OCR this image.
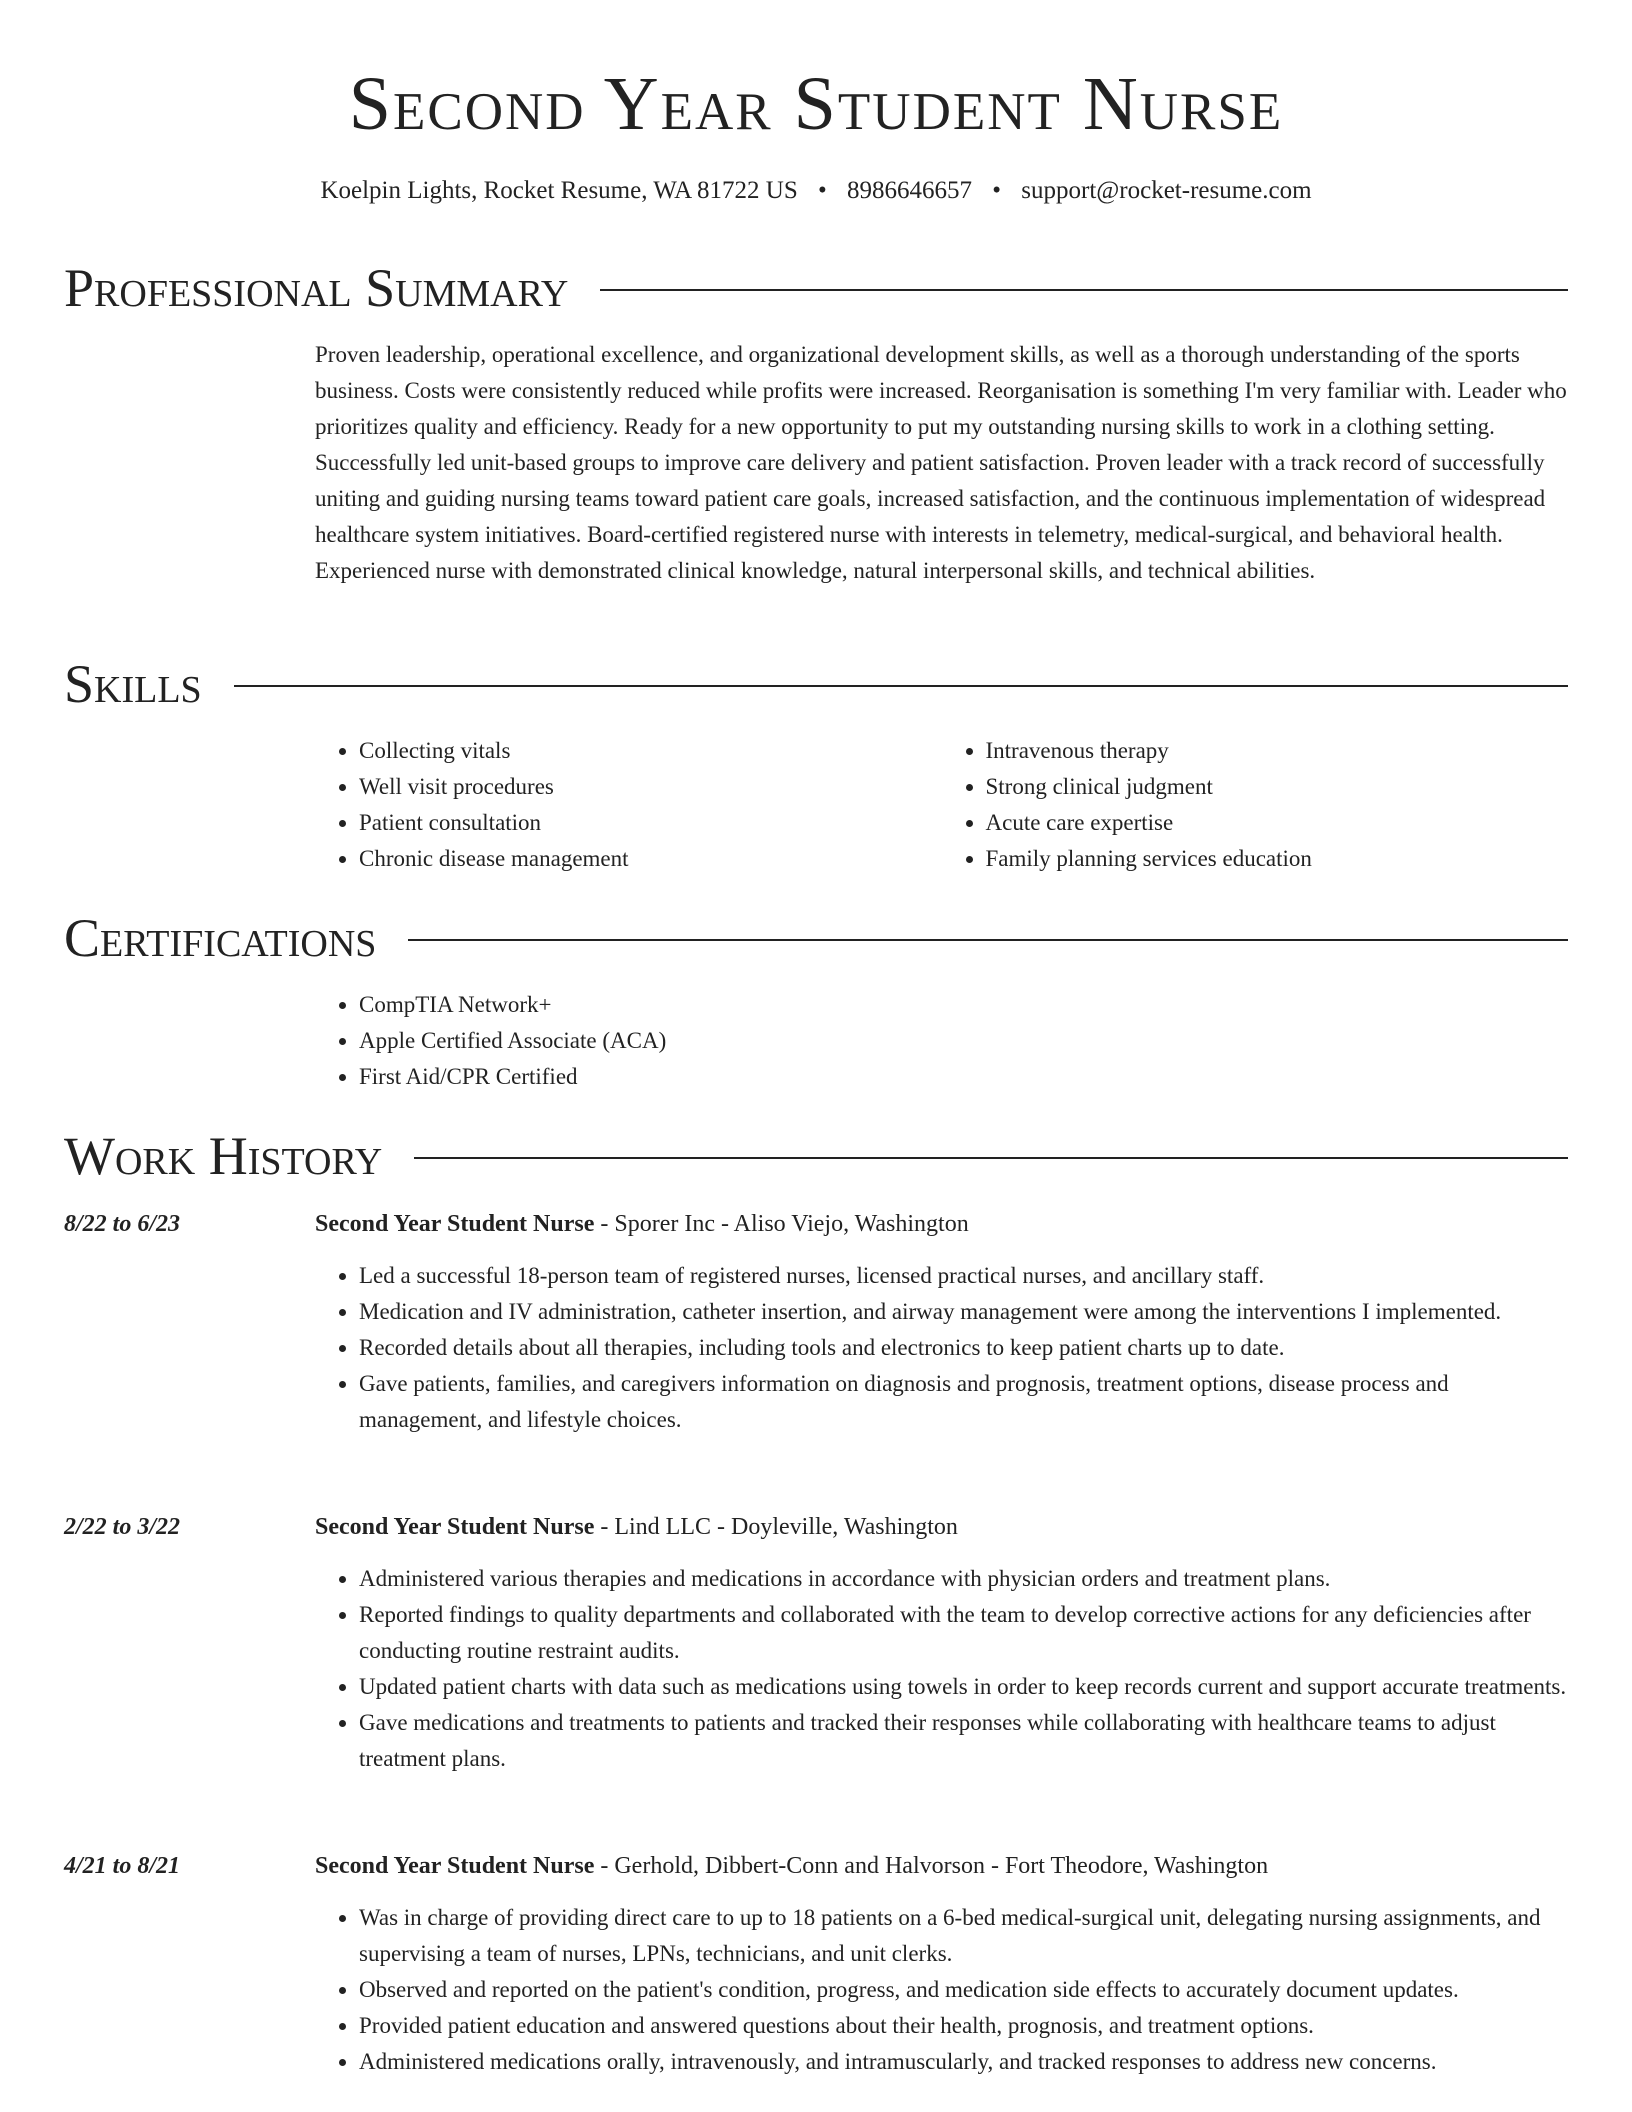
Second Year Student Nurse
Koelpin Lights, Rocket Resume, WA 81722 US • 8986646657 • support@rocket-resume.com
Professional Summary

Proven leadership, operational excellence, and organizational development skills, as well as a thorough understanding of the sports business. Costs were consistently reduced while profits were increased. Reorganisation is something I'm very familiar with. Leader who prioritizes quality and efficiency. Ready for a new opportunity to put my outstanding nursing skills to work in a clothing setting. Successfully led unit-based groups to improve care delivery and patient satisfaction. Proven leader with a track record of successfully uniting and guiding nursing teams toward patient care goals, increased satisfaction, and the continuous implementation of widespread healthcare system initiatives. Board-certified registered nurse with interests in telemetry, medical-surgical, and behavioral health. Experienced nurse with demonstrated clinical knowledge, natural interpersonal skills, and technical abilities.

Skills
• Collecting vitals
• Well visit procedures
• Patient consultation
• Chronic disease management
• Intravenous therapy
• Strong clinical judgment
• Acute care expertise
• Family planning services education
Certifications
• CompTIA Network+
• Apple Certified Associate (ACA)
• First Aid/CPR Certified
Work History
8/22 to 6/23	Second Year Student Nurse - Sporer Inc - Aliso Viejo, Washington
• Led a successful 18-person team of registered nurses, licensed practical nurses, and ancillary staff.
• Medication and IV administration, catheter insertion, and airway management were among the interventions I implemented.
• Recorded details about all therapies, including tools and electronics to keep patient charts up to date.
• Gave patients, families, and caregivers information on diagnosis and prognosis, treatment options, disease process and management, and lifestyle choices.
2/22 to 3/22	Second Year Student Nurse - Lind LLC - Doyleville, Washington
• Administered various therapies and medications in accordance with physician orders and treatment plans.
• Reported findings to quality departments and collaborated with the team to develop corrective actions for any deficiencies after conducting routine restraint audits.
• Updated patient charts with data such as medications using towels in order to keep records current and support accurate treatments.
• Gave medications and treatments to patients and tracked their responses while collaborating with healthcare teams to adjust treatment plans.
4/21 to 8/21	Second Year Student Nurse - Gerhold, Dibbert-Conn and Halvorson - Fort Theodore, Washington
• Was in charge of providing direct care to up to 18 patients on a 6-bed medical-surgical unit, delegating nursing assignments, and supervising a team of nurses, LPNs, technicians, and unit clerks.
• Observed and reported on the patient's condition, progress, and medication side effects to accurately document updates.
• Provided patient education and answered questions about their health, prognosis, and treatment options.
• Administered medications orally, intravenously, and intramuscularly, and tracked responses to address new concerns.
